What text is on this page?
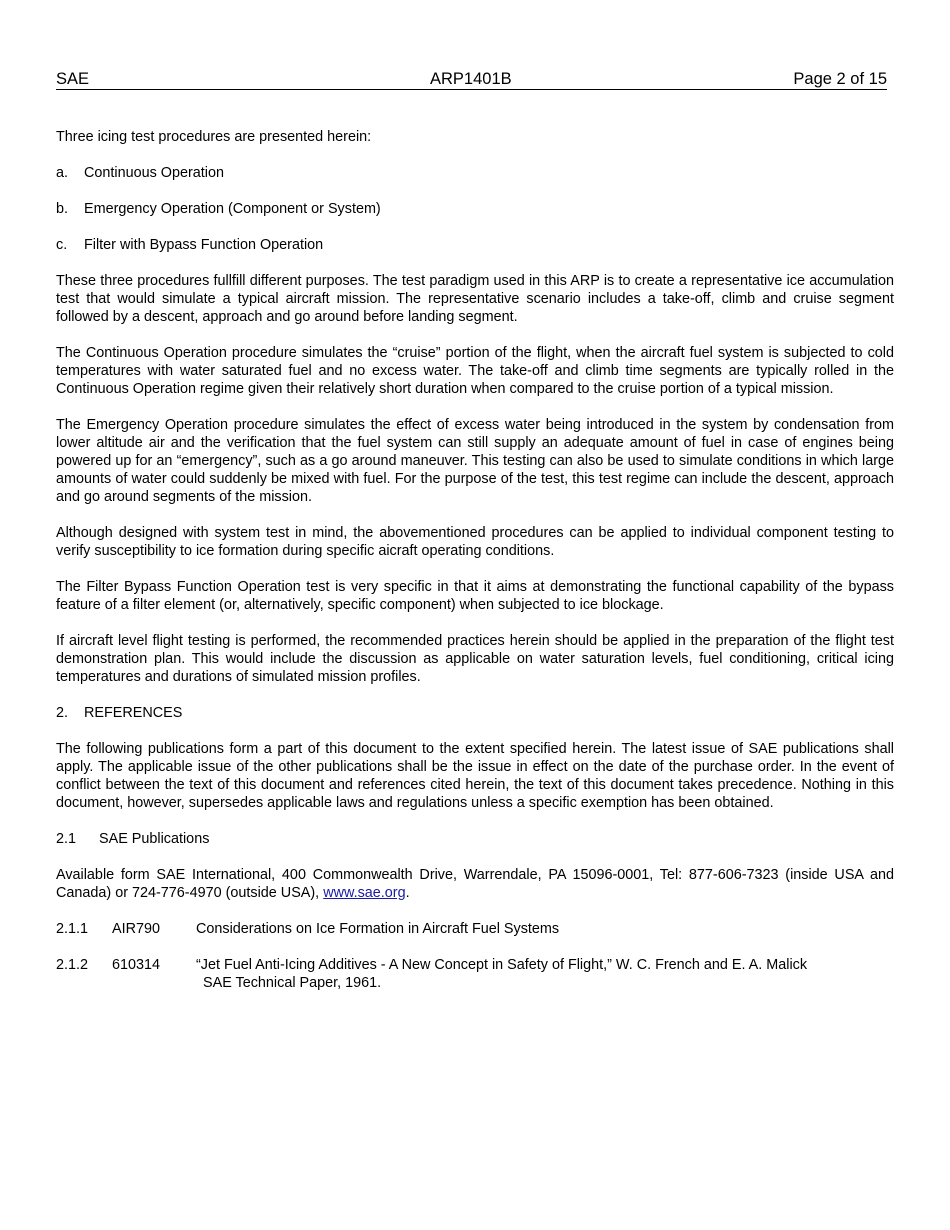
SAE	ARP1401B	Page 2 of 15

Three icing test procedures are presented herein:

a. Continuous Operation
b. Emergency Operation (Component or System)
c. Filter with Bypass Function Operation

These three procedures fullfill different purposes. The test paradigm used in this ARP is to create a representative ice accumulation test that would simulate a typical aircraft mission. The representative scenario includes a take-off, climb and cruise segment followed by a descent, approach and go around before landing segment.

The Continuous Operation procedure simulates the “cruise” portion of the flight, when the aircraft fuel system is subjected to cold temperatures with water saturated fuel and no excess water. The take-off and climb time segments are typically rolled in the Continuous Operation regime given their relatively short duration when compared to the cruise portion of a typical mission.

The Emergency Operation procedure simulates the effect of excess water being introduced in the system by condensation from lower altitude air and the verification that the fuel system can still supply an adequate amount of fuel in case of engines being powered up for an “emergency”, such as a go around maneuver. This testing can also be used to simulate conditions in which large amounts of water could suddenly be mixed with fuel. For the purpose of the test, this test regime can include the descent, approach and go around segments of the mission.

Although designed with system test in mind, the abovementioned procedures can be applied to individual component testing to verify susceptibility to ice formation during specific aicraft operating conditions.

The Filter Bypass Function Operation test is very specific in that it aims at demonstrating the functional capability of the bypass feature of a filter element (or, alternatively, specific component) when subjected to ice blockage.

If aircraft level flight testing is performed, the recommended practices herein should be applied in the preparation of the flight test demonstration plan. This would include the discussion as applicable on water saturation levels, fuel conditioning, critical icing temperatures and durations of simulated mission profiles.

2. REFERENCES

The following publications form a part of this document to the extent specified herein. The latest issue of SAE publications shall apply. The applicable issue of the other publications shall be the issue in effect on the date of the purchase order. In the event of conflict between the text of this document and references cited herein, the text of this document takes precedence. Nothing in this document, however, supersedes applicable laws and regulations unless a specific exemption has been obtained.

2.1 SAE Publications

Available form SAE International, 400 Commonwealth Drive, Warrendale, PA 15096-0001, Tel: 877-606-7323 (inside USA and Canada) or 724-776-4970 (outside USA), www.sae.org.

2.1.1 AIR790	Considerations on Ice Formation in Aircraft Fuel Systems
2.1.2 610314 “Jet Fuel Anti-Icing Additives - A New Concept in Safety of Flight,” W. C. French and E. A. Malick
SAE Technical Paper, 1961.
